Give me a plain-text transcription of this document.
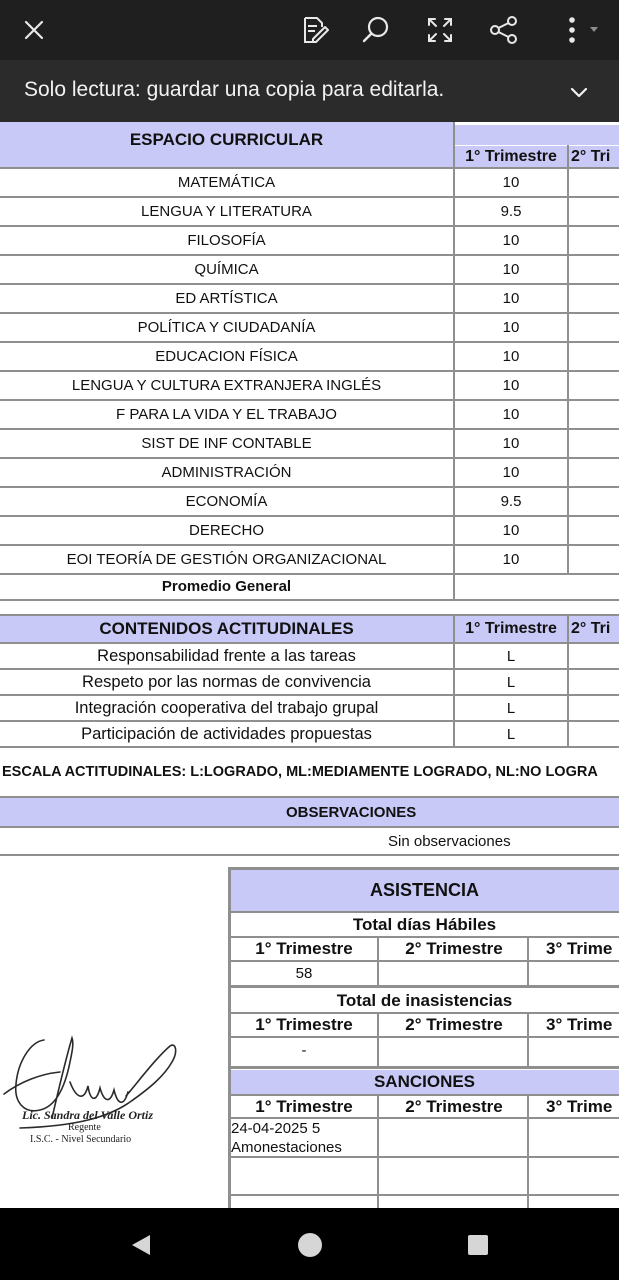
Solo lectura: guardar una copia para editarla.
ESPACIO CURRICULAR
1° Trimestre 2° Tri
MATEMÁTICA	10
LENGUA Y LITERATURA	9.5
FILOSOFÍA	10
QUÍMICA	10
ED ARTÍSTICA	10
POLÍTICA Y CIUDADANÍA	10
EDUCACION FÍSICA	10
LENGUA Y CULTURA EXTRANJERA INGLÉS	10
F PARA LA VIDA Y EL TRABAJO	10
SIST DE INF CONTABLE	10
ADMINISTRACIÓN	10
ECONOMÍA	9.5
DERECHO	10
EOI TEORÍA DE GESTIÓN ORGANIZACIONAL	10
Promedio General
CONTENIDOS ACTITUDINALES	1° Trimestre 2° Tri
Responsabilidad frente a las tareas	L
Respeto por las normas de convivencia	L
Integración cooperativa del trabajo grupal	L
Participación de actividades propuestas	L
ESCALA ACTITUDINALES: L:LOGRADO, ML:MEDIAMENTE LOGRADO, NL:NO LOGRA
OBSERVACIONES
Sin observaciones
ASISTENCIA
Total días Hábiles
1° Trimestre	2° Trimestre	3° Trime
58
Total de inasistencias
1° Trimestre	2° Trimestre	3° Trime
-
SANCIONES
1° Trimestre	2° Trimestre	3° Trime
24-04-2025 5
Amonestaciones
Lic. Sandra del Valle Ortiz
Regente
I.S.C. - Nivel Secundario
